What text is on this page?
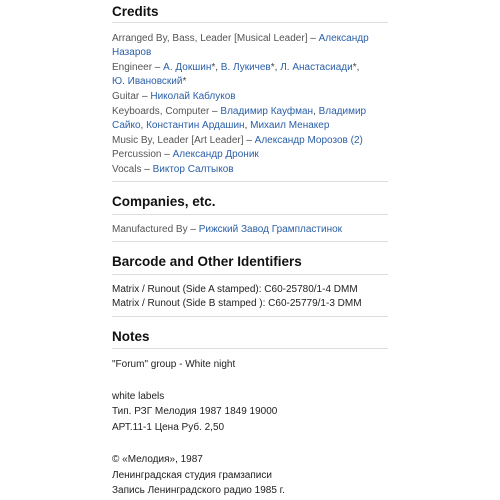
Credits
Arranged By, Bass, Leader [Musical Leader] – Александр
Назаров
Engineer – А. Докшин*, В. Лукичев*, Л. Анастасиади*,
Ю. Ивановский*
Guitar – Николай Каблуков
Keyboards, Computer – Владимир Кауфман, Владимир
Сайко, Константин Ардашин, Михаил Менакер
Music By, Leader [Art Leader] – Александр Морозов (2)
Percussion – Александр Дроник
Vocals – Виктор Салтыков
Companies, etc.
Manufactured By – Рижский Завод Грампластинок
Barcode and Other Identifiers
Matrix / Runout (Side A stamped): C60-25780/1-4 DMM
Matrix / Runout (Side B stamped ): C60-25779/1-3 DMM
Notes
"Forum" group - White night
white labels
Тип. РЗГ Мелодия 1987 1849 19000
АРТ.11-1 Цена Руб. 2,50
© «Мелодия», 1987
Ленинградская студия грамзаписи
Запись Ленинградского радио 1985 г.
